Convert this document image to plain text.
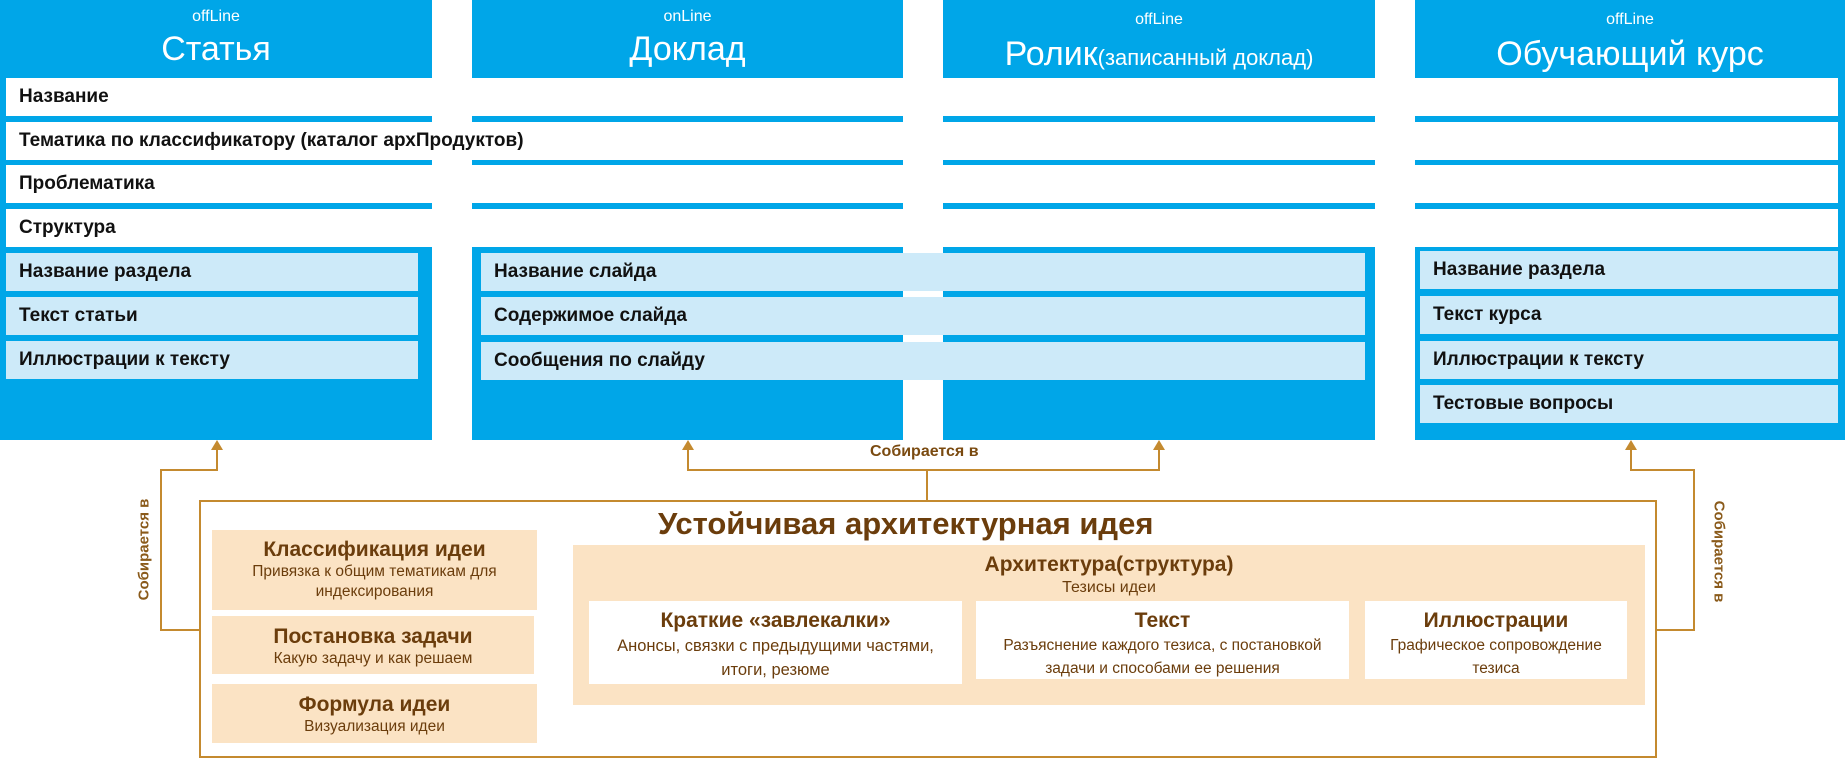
offLine
Статья
onLine
Доклад
offLine
Ролик(записанный доклад)
offLine
Обучающий курс
Название
Тематика по классификатору (каталог архПродуктов)
Проблематика
Структура
Название раздела
Текст статьи
Иллюстрации к тексту
Название слайда
Содержимое слайда
Сообщения по слайду
Название раздела
Текст курса
Иллюстрации к тексту
Тестовые вопросы
Собирается в
Собирается в
Собирается в
Устойчивая архитектурная идея
Классификация идеи
Привязка к общим тематикам для
индексирования
Постановка задачи
Какую задачу и как решаем
Формула идеи
Визуализация идеи
Архитектура(структура)
Тезисы идеи
Краткие «завлекалки»
Анонсы, связки с предыдущими частями,
итоги, резюме
Текст
Разъяснение каждого тезиса, с постановкой
задачи и способами ее решения
Иллюстрации
Графическое сопровождение
тезиса
